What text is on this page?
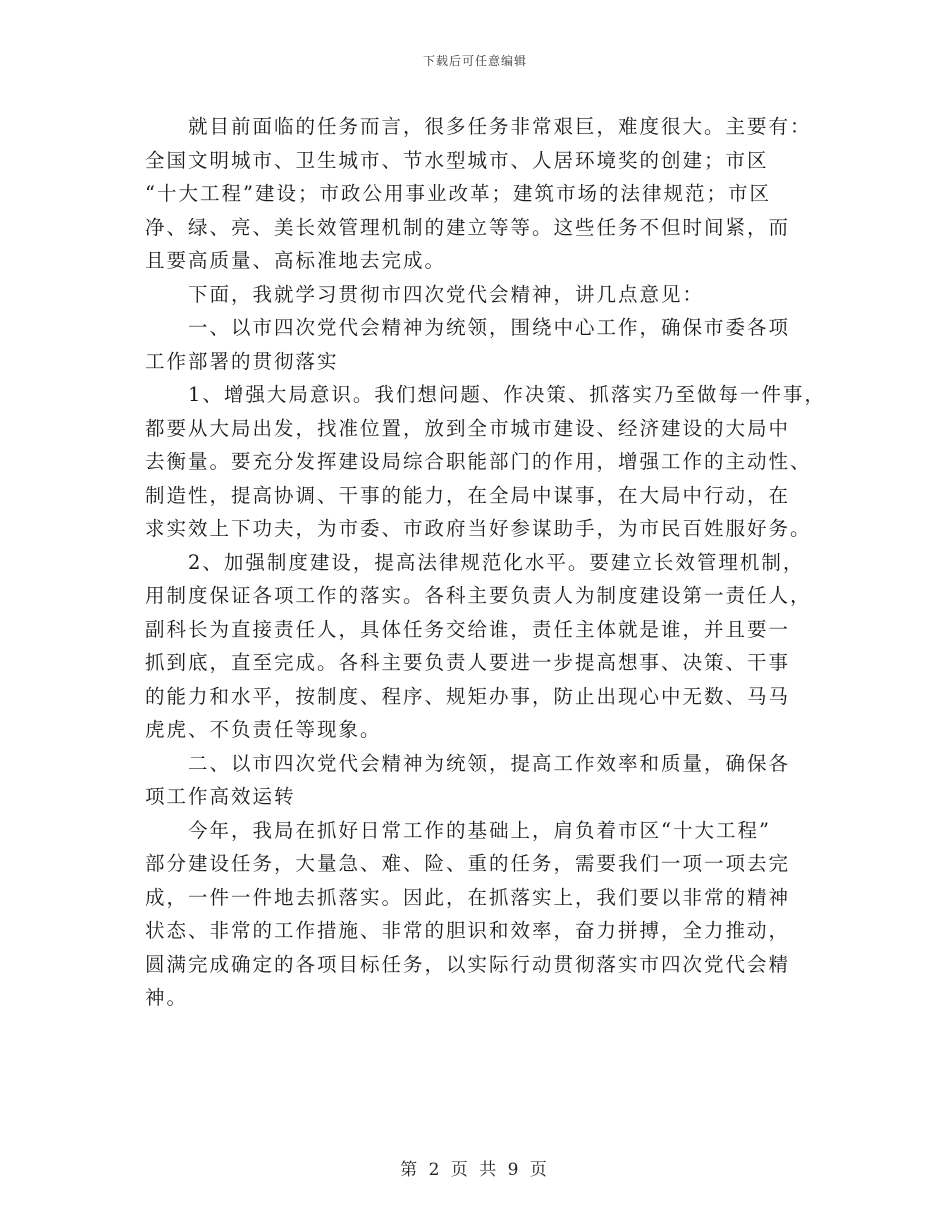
下载后可任意编辑
就目前面临的任务而言，很多任务非常艰巨，难度很大。主要有：
全国文明城市、卫生城市、节水型城市、人居环境奖的创建；市区
“十大工程”建设；市政公用事业改革；建筑市场的法律规范；市区
净、绿、亮、美长效管理机制的建立等等。这些任务不但时间紧，而
且要高质量、高标准地去完成。
下面，我就学习贯彻市四次党代会精神，讲几点意见：
一、以市四次党代会精神为统领，围绕中心工作，确保市委各项
工作部署的贯彻落实
1、增强大局意识。我们想问题、作决策、抓落实乃至做每一件事，
都要从大局出发，找准位置，放到全市城市建设、经济建设的大局中
去衡量。要充分发挥建设局综合职能部门的作用，增强工作的主动性、
制造性，提高协调、干事的能力，在全局中谋事，在大局中行动，在
求实效上下功夫，为市委、市政府当好参谋助手，为市民百姓服好务。
2、加强制度建设，提高法律规范化水平。要建立长效管理机制，
用制度保证各项工作的落实。各科主要负责人为制度建设第一责任人，
副科长为直接责任人，具体任务交给谁，责任主体就是谁，并且要一
抓到底，直至完成。各科主要负责人要进一步提高想事、决策、干事
的能力和水平，按制度、程序、规矩办事，防止出现心中无数、马马
虎虎、不负责任等现象。
二、以市四次党代会精神为统领，提高工作效率和质量，确保各
项工作高效运转
今年，我局在抓好日常工作的基础上，肩负着市区“十大工程”
部分建设任务，大量急、难、险、重的任务，需要我们一项一项去完
成，一件一件地去抓落实。因此，在抓落实上，我们要以非常的精神
状态、非常的工作措施、非常的胆识和效率，奋力拼搏，全力推动，
圆满完成确定的各项目标任务，以实际行动贯彻落实市四次党代会精
神。
第 2 页 共 9 页
